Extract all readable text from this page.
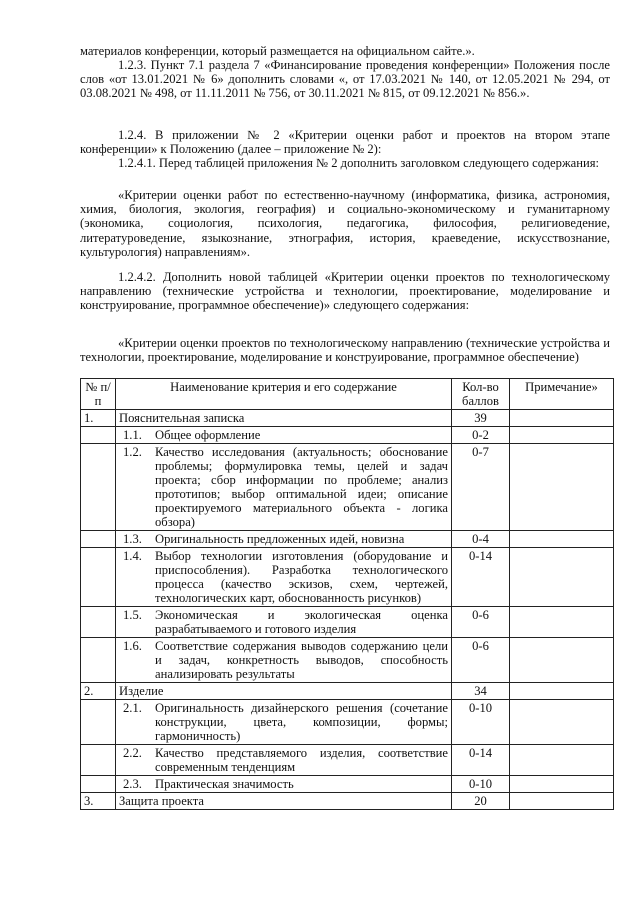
материалов конференции, который размещается на официальном сайте.».

1.2.3. Пункт 7.1 раздела 7 «Финансирование проведения конференции» Положения после слов «от 13.01.2021 № 6» дополнить словами «, от 17.03.2021 № 140, от 12.05.2021 № 294, от 03.08.2021 № 498, от 11.11.2011 № 756, от 30.11.2021 № 815, от 09.12.2021 № 856.».

1.2.4. В приложении № 2 «Критерии оценки работ и проектов на втором этапе конференции» к Положению (далее – приложение № 2):

1.2.4.1. Перед таблицей приложения № 2 дополнить заголовком следующего содержания:

«Критерии оценки работ по естественно-научному (информатика, физика, астрономия, химия, биология, экология, география) и социально-экономическому и гуманитарному (экономика, социология, психология, педагогика, философия, религиоведение, литературоведение, языкознание, этнография, история, краеведение, искусствознание, культурология) направлениям».

1.2.4.2. Дополнить новой таблицей «Критерии оценки проектов по технологическому направлению (технические устройства и технологии, проектирование, моделирование и конструирование, программное обеспечение)» следующего содержания:

«Критерии оценки проектов по технологическому направлению (технические устройства и технологии, проектирование, моделирование и конструирование, программное обеспечение)

№ п/п	Наименование критерия и его содержание	Кол-во баллов	Примечание»
1.	Пояснительная записка	39	

	1.1. Общее оформление	0-2	

	1.2. Качество исследования (актуальность; обоснование проблемы; формулировка темы, целей и задач проекта; сбор информации по проблеме; анализ прототипов; выбор оптимальной идеи; описание проектируемого материального объекта - логика обзора)	0-7	

	1.3. Оригинальность предложенных идей, новизна	0-4	

	1.4. Выбор технологии изготовления (оборудование и приспособления). Разработка технологического процесса (качество эскизов, схем, чертежей, технологических карт, обоснованность рисунков)	0-14	

	1.5. Экономическая и экологическая оценка разрабатываемого и готового изделия	0-6	

	1.6. Соответствие содержания выводов содержанию цели и задач, конкретность выводов, способность анализировать результаты	0-6	
2.	Изделие	34	

	2.1. Оригинальность дизайнерского решения (сочетание конструкции, цвета, композиции, формы; гармоничность)	0-10	

	2.2. Качество представляемого изделия, соответствие современным тенденциям	0-14	

	2.3. Практическая значимость	0-10	
3.	Защита проекта	20	
